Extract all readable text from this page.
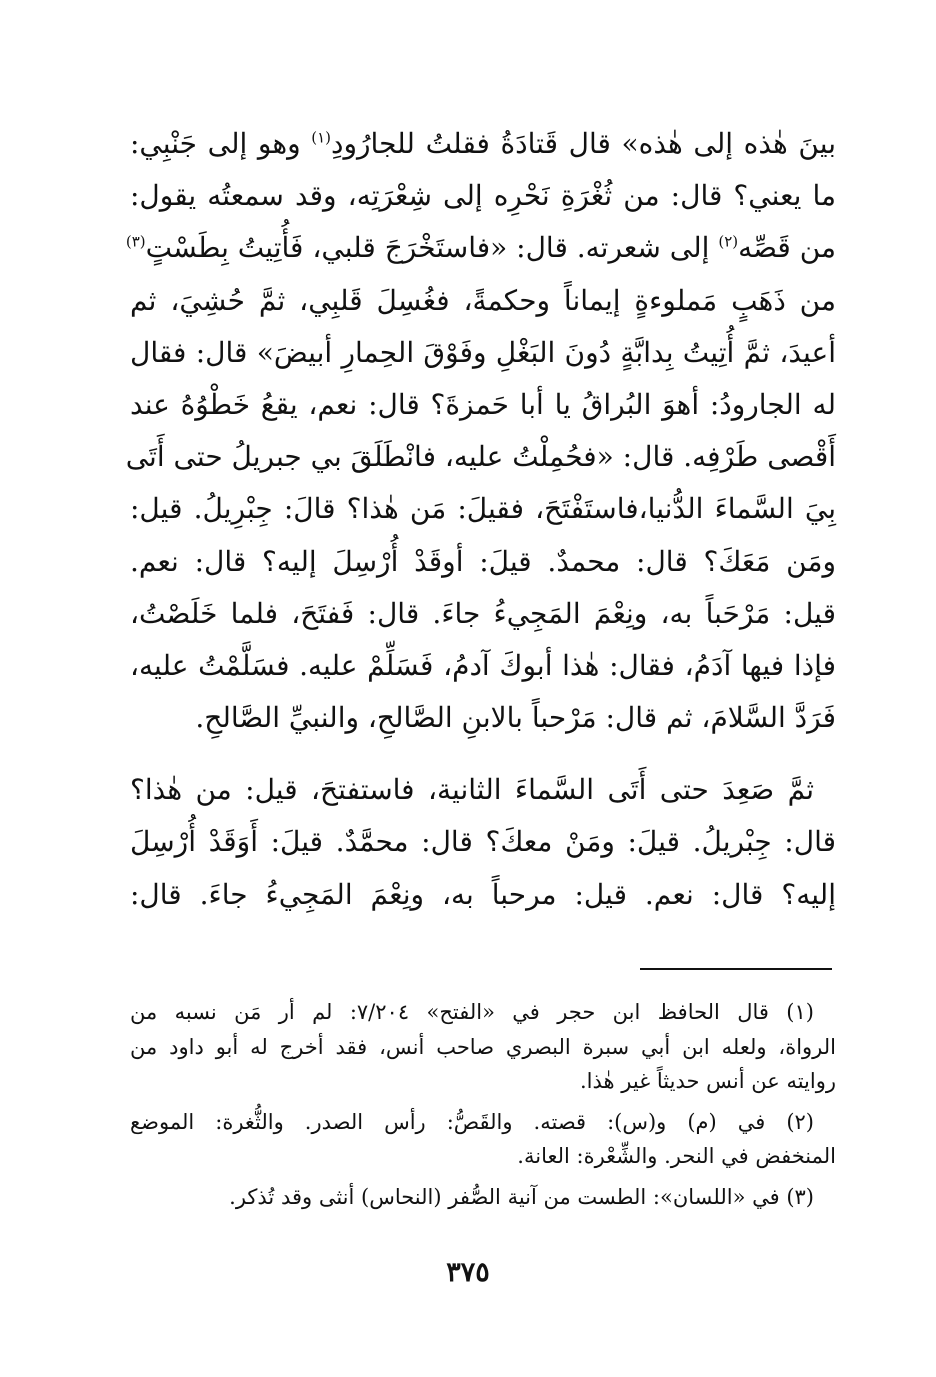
بينَ هٰذه إلى هٰذه» قال قَتادَةُ فقلتُ للجارُودِ$^{(١)}$ وهو إلى جَنْبِي:
ما يعني؟ قال: من ثُغْرَةِ نَحْرِه إلى شِعْرَتِه، وقد سمعتُه يقول:
من قَصِّه$^{(٢)}$ إلى شعرته. قال: «فاستَخْرَجَ قلبي، فَأُتِيتُ بِطَسْتٍ$^{(٣)}$
من ذَهَبٍ مَملوءةٍ إيماناً وحكمةً، فغُسِلَ قَلبِي، ثمَّ حُشِيَ، ثم
أعيدَ، ثمَّ أُتِيتُ بِدابَّةٍ دُونَ البَغْلِ وفَوْقَ الحِمارِ أبيضَ» قال: فقال
له الجارودُ: أهوَ البُراقُ يا أبا حَمزةَ؟ قال: نعم، يقعُ خَطْوُهُ عند
أَقْصى طَرْفِه. قال: «فحُمِلْتُ عليه، فانْطَلَقَ بي جبريلُ حتى أَتَى
بِيَ السَّماءَ الدُّنيا،فاستَفْتَحَ، فقيلَ: مَن هٰذا؟ قالَ: جِبْرِيلُ. قيل:
ومَن مَعَكَ؟ قال: محمدٌ. قيلَ: أوقَدْ أُرْسِلَ إليه؟ قال: نعم.
قيل: مَرْحَباً به، ونِعْمَ المَجِيءُ جاءَ. قال: فَفتَحَ، فلما خَلَصْتُ،
فإذا فيها آدَمُ، فقال: هٰذا أبوكَ آدمُ، فَسَلِّمْ عليه. فسَلَّمْتُ عليه،
فَرَدَّ السَّلامَ، ثم قال: مَرْحباً بالابنِ الصَّالحِ، والنبيِّ الصَّالحِ.
ثمَّ صَعِدَ حتى أَتَى السَّماءَ الثانية، فاستفتحَ، قيل: من هٰذا؟
قال: جِبْريلُ. قيلَ: ومَنْ معكَ؟ قال: محمَّدٌ. قيلَ: أَوَقَدْ أُرْسِلَ
إليه؟ قال: نعم. قيل: مرحباً به، ونِعْمَ المَجِيءُ جاءَ. قال:
(١) قال الحافظ ابن حجر في «الفتح» ٧/٢٠٤: لم أر مَن نسبه من
الرواة، ولعله ابن أبي سبرة البصري صاحب أنس، فقد أخرج له أبو داود من
روايته عن أنس حديثاً غير هٰذا.
(٢) في (م) و(س): قصته. والقَصُّ: رأس الصدر. والثُّغرة: الموضع
المنخفض في النحر. والشِّعْرة: العانة.
(٣) في «اللسان»: الطست من آنية الصُّفر (النحاس) أنثى وقد تُذكر.
٣٧٥
